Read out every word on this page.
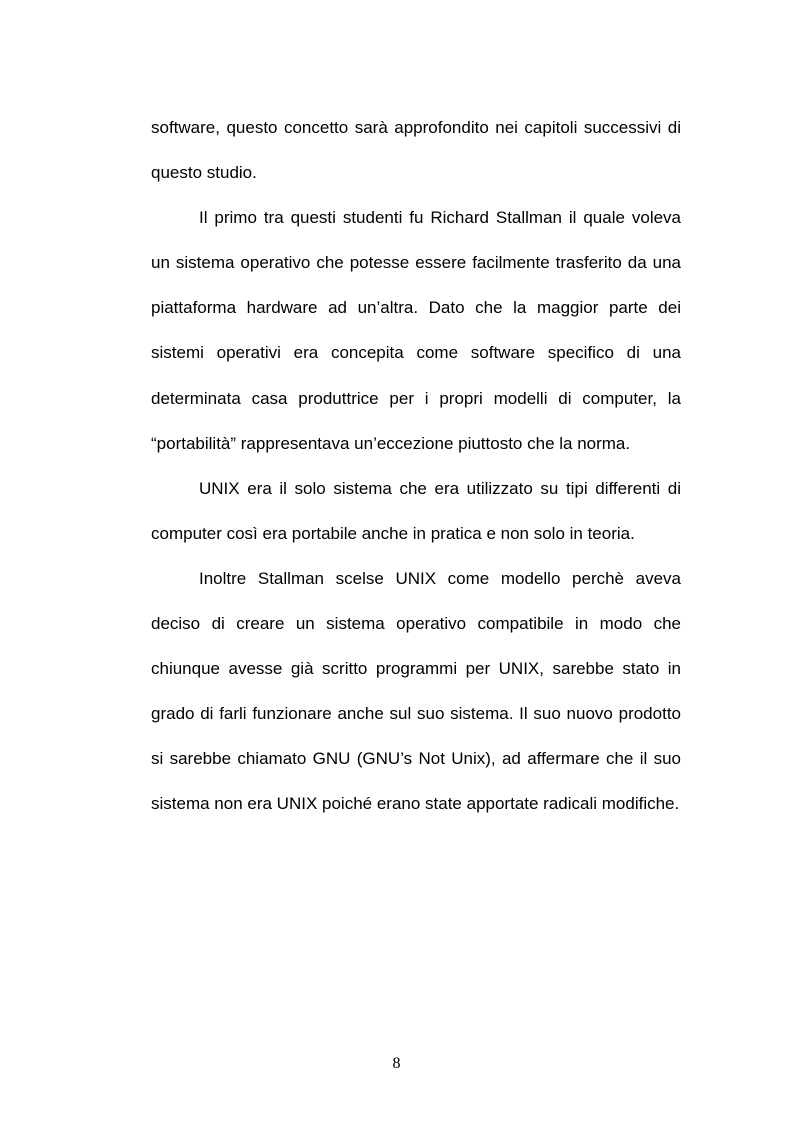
software, questo concetto sarà approfondito nei capitoli successivi di questo studio.

Il primo tra questi studenti fu Richard Stallman il quale voleva un sistema operativo che potesse essere facilmente trasferito da una piattaforma hardware ad un’altra. Dato che la maggior parte dei sistemi operativi era concepita come software specifico di una determinata casa produttrice per i propri modelli di computer, la “portabilità” rappresentava un’eccezione piuttosto che la norma.

UNIX era il solo sistema che era utilizzato su tipi differenti di computer così era portabile anche in pratica e non solo in teoria.

Inoltre Stallman scelse UNIX come modello perchè aveva deciso di creare un sistema operativo compatibile in modo che chiunque avesse già scritto programmi per UNIX, sarebbe stato in grado di farli funzionare anche sul suo sistema. Il suo nuovo prodotto si sarebbe chiamato GNU (GNU’s Not Unix), ad affermare che il suo sistema non era UNIX poiché erano state apportate radicali modifiche.

8
